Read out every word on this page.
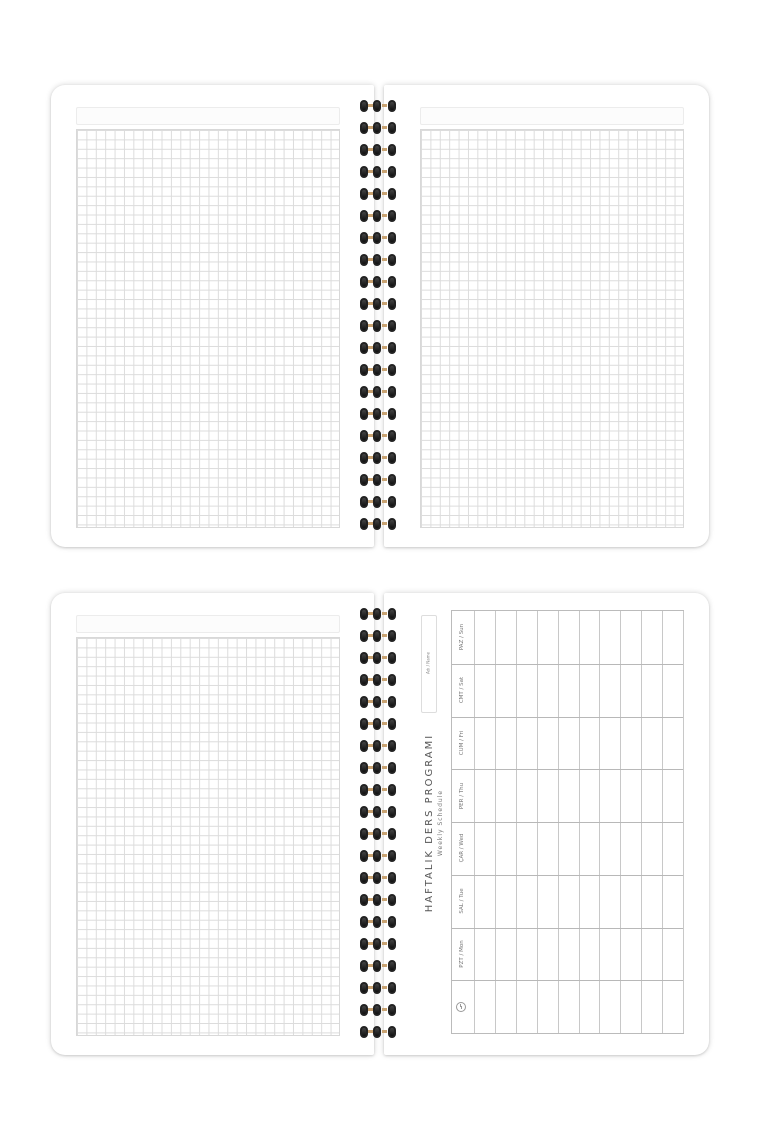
Adı / Name
HAFTALIK DERS PROGRAMI Weekly Schedule
PZT / Mon
SAL / Tue
ÇAR / Wed
PER / Thu
CUM / Fri
CMT / Sat
PAZ / Sun
